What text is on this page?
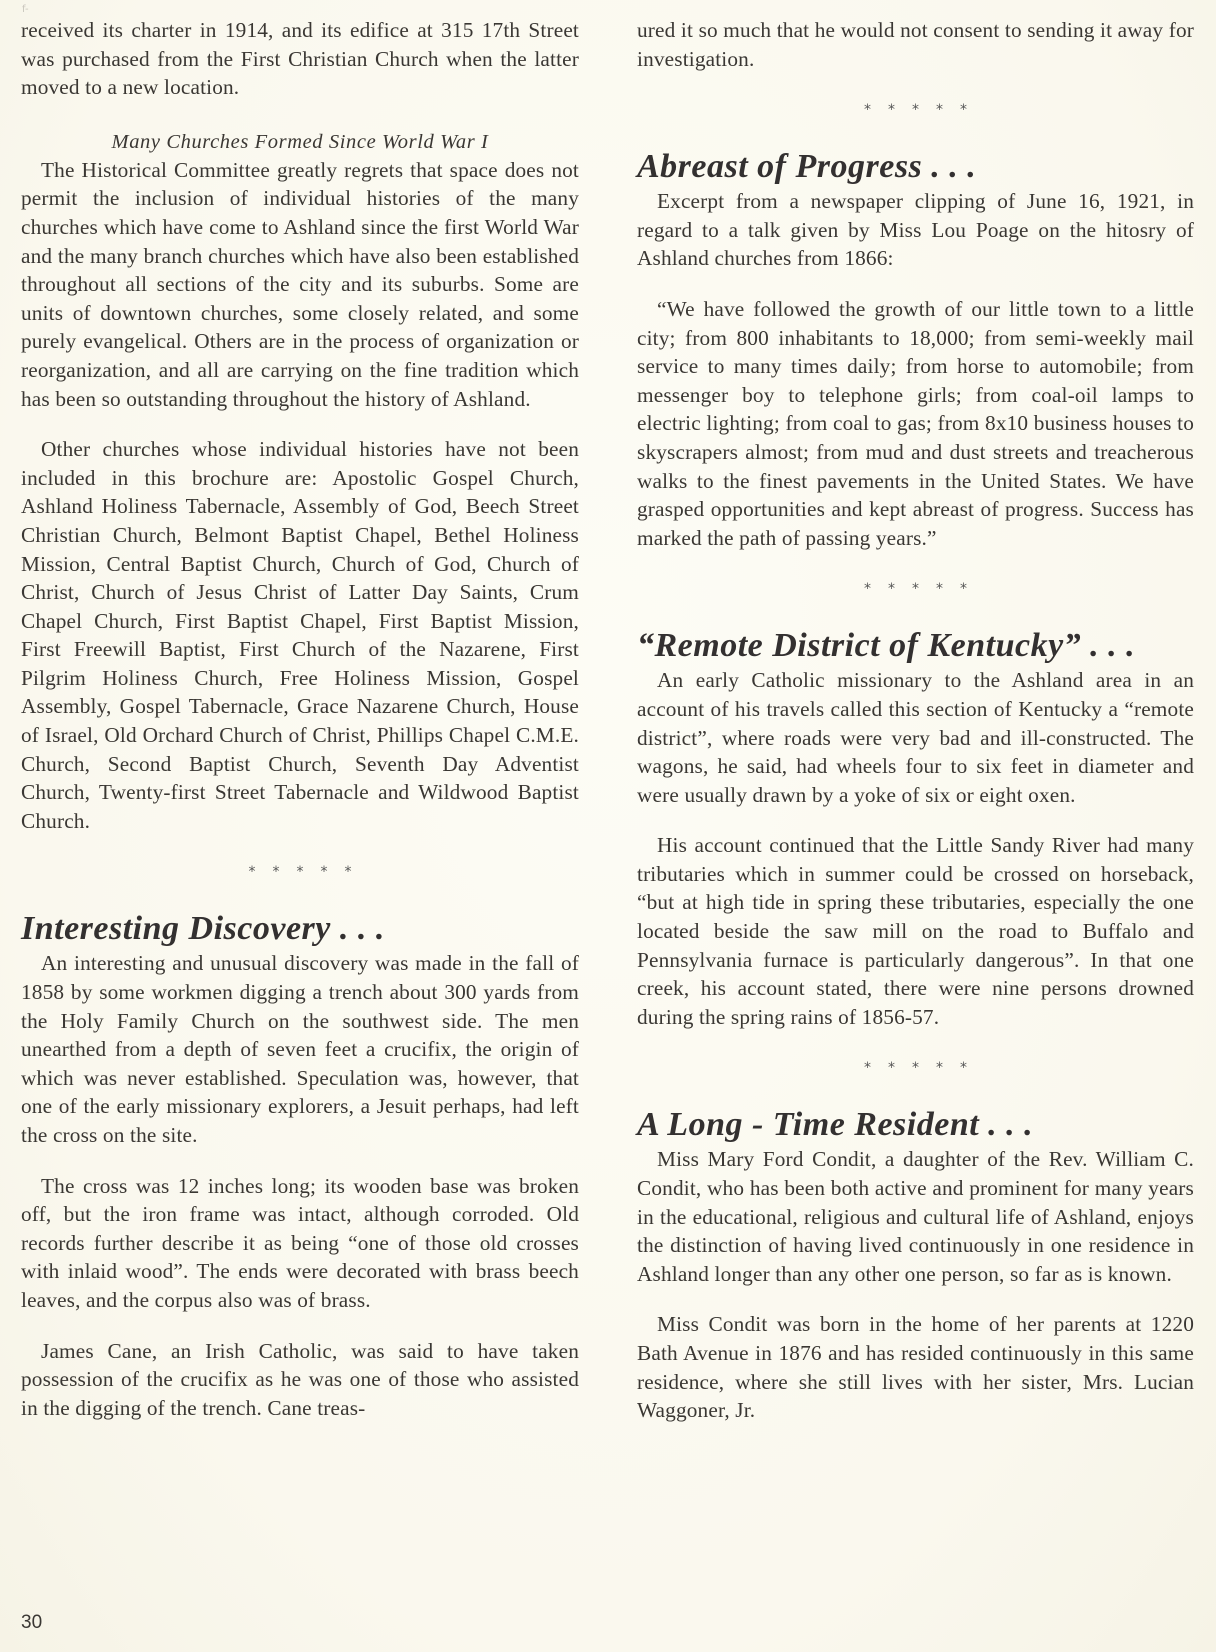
f-

received its charter in 1914, and its edifice at 315 17th Street was purchased from the First Christian Church when the latter moved to a new location.

Many Churches Formed Since World War I

The Historical Committee greatly regrets that space does not permit the inclusion of individual histories of the many churches which have come to Ashland since the first World War and the many branch churches which have also been established throughout all sections of the city and its suburbs. Some are units of downtown churches, some closely related, and some purely evangelical. Others are in the process of organization or reorganization, and all are carrying on the fine tradition which has been so outstanding throughout the history of Ashland.

Other churches whose individual histories have not been included in this brochure are: Apostolic Gospel Church, Ashland Holiness Tabernacle, Assembly of God, Beech Street Christian Church, Belmont Baptist Chapel, Bethel Holiness Mission, Central Baptist Church, Church of God, Church of Christ, Church of Jesus Christ of Latter Day Saints, Crum Chapel Church, First Baptist Chapel, First Baptist Mission, First Freewill Baptist, First Church of the Nazarene, First Pilgrim Holiness Church, Free Holiness Mission, Gospel Assembly, Gospel Tabernacle, Grace Nazarene Church, House of Israel, Old Orchard Church of Christ, Phillips Chapel C.M.E. Church, Second Baptist Church, Seventh Day Adventist Church, Twenty-first Street Tabernacle and Wildwood Baptist Church.

*****
Interesting Discovery . . .

An interesting and unusual discovery was made in the fall of 1858 by some workmen digging a trench about 300 yards from the Holy Family Church on the southwest side. The men unearthed from a depth of seven feet a crucifix, the origin of which was never established. Speculation was, however, that one of the early missionary explorers, a Jesuit perhaps, had left the cross on the site.

The cross was 12 inches long; its wooden base was broken off, but the iron frame was intact, although corroded. Old records further describe it as being “one of those old crosses with inlaid wood”. The ends were decorated with brass beech leaves, and the corpus also was of brass.

James Cane, an Irish Catholic, was said to have taken possession of the crucifix as he was one of those who assisted in the digging of the trench. Cane treas-

ured it so much that he would not consent to sending it away for investigation.

*****
Abreast of Progress . . .

Excerpt from a newspaper clipping of June 16, 1921, in regard to a talk given by Miss Lou Poage on the hitosry of Ashland churches from 1866:

“We have followed the growth of our little town to a little city; from 800 inhabitants to 18,000; from semi-weekly mail service to many times daily; from horse to automobile; from messenger boy to telephone girls; from coal-oil lamps to electric lighting; from coal to gas; from 8x10 business houses to skyscrapers almost; from mud and dust streets and treacherous walks to the finest pavements in the United States. We have grasped opportunities and kept abreast of progress. Success has marked the path of passing years.”

*****
“Remote District of Kentucky” . . .

An early Catholic missionary to the Ashland area in an account of his travels called this section of Kentucky a “remote district”, where roads were very bad and ill-constructed. The wagons, he said, had wheels four to six feet in diameter and were usually drawn by a yoke of six or eight oxen.

His account continued that the Little Sandy River had many tributaries which in summer could be crossed on horseback, “but at high tide in spring these tributaries, especially the one located beside the saw mill on the road to Buffalo and Pennsylvania furnace is particularly dangerous”. In that one creek, his account stated, there were nine persons drowned during the spring rains of 1856-57.

*****
A Long - Time Resident . . .

Miss Mary Ford Condit, a daughter of the Rev. William C. Condit, who has been both active and prominent for many years in the educational, religious and cultural life of Ashland, enjoys the distinction of having lived continuously in one residence in Ashland longer than any other one person, so far as is known.

Miss Condit was born in the home of her parents at 1220 Bath Avenue in 1876 and has resided continuously in this same residence, where she still lives with her sister, Mrs. Lucian Waggoner, Jr.

30
